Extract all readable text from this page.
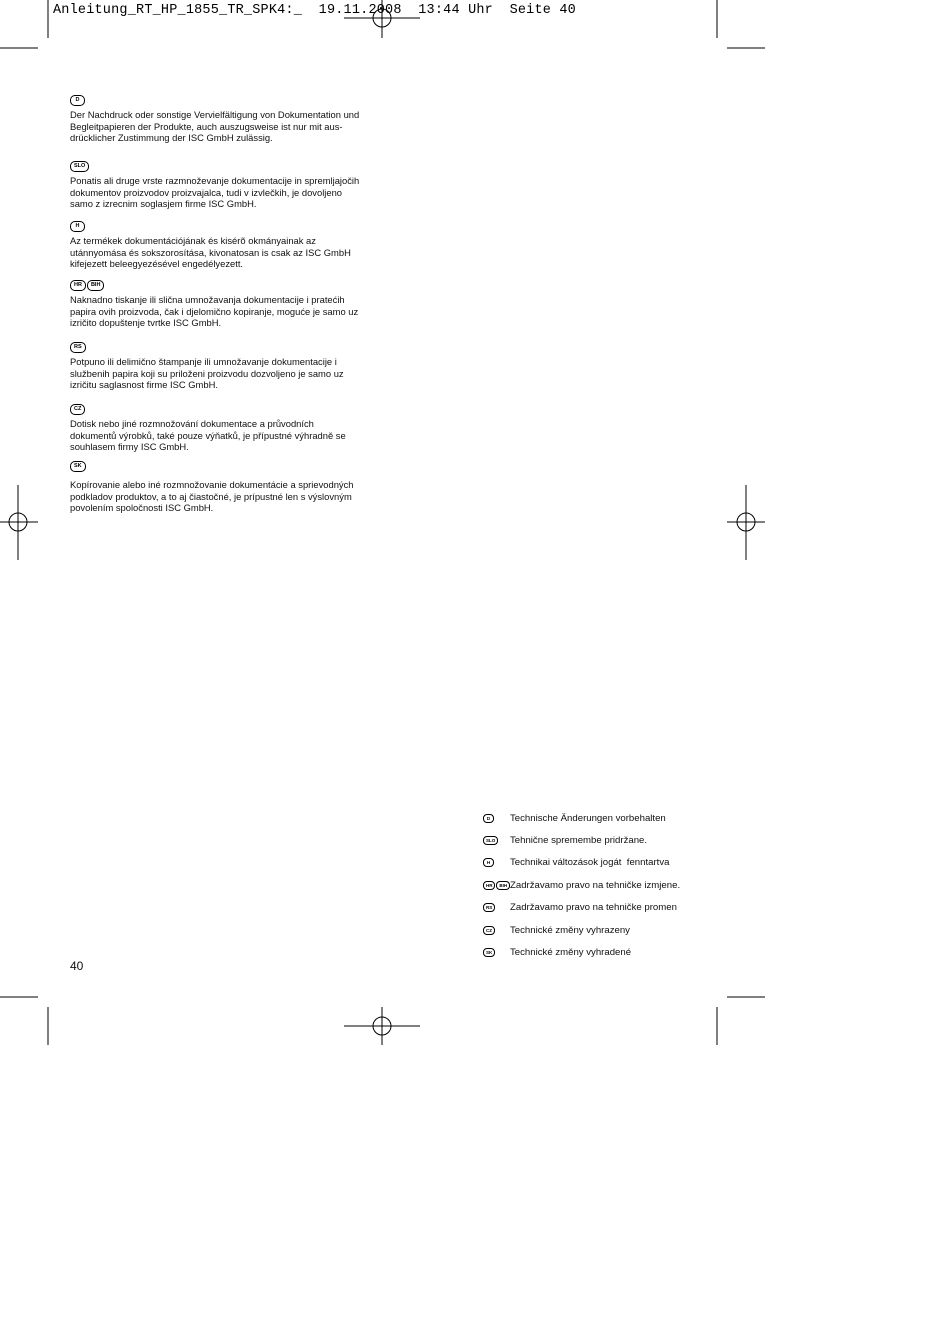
Anleitung_RT_HP_1855_TR_SPK4:_  19.11.2008  13:44 Uhr  Seite 40
D

Der Nachdruck oder sonstige Vervielfältigung von Dokumentation und
Begleitpapieren der Produkte, auch auszugsweise ist nur mit aus-
drücklicher Zustimmung der ISC GmbH zulässig.

SLO

Ponatis ali druge vrste razmnoževanje dokumentacije in spremljajočih
dokumentov proizvodov proizvajalca, tudi v izvlečkih, je dovoljeno
samo z izrecnim soglasjem firme ISC GmbH.

H

Az termékek dokumentációjának és kisérõ okmányainak az
utánnyomása és sokszorosítása, kivonatosan is csak az ISC GmbH
kifejezett beleegyezésével engedélyezett.

HR	BIH

Naknadno tiskanje ili slična umnožavanja dokumentacije i pratećih
papira ovih proizvoda, čak i djelomično kopiranje, moguće je samo uz
izričito dopuštenje tvrtke ISC GmbH.

RS

Potpuno ili delimično štampanje ili umnožavanje dokumentacije i
službenih papira koji su priloženi proizvodu dozvoljeno je samo uz
izričitu saglasnost firme ISC GmbH.

CZ

Dotisk nebo jiné rozmnožování dokumentace a průvodních
dokumentů výrobků, také pouze výňatků, je přípustné výhradně se
souhlasem firmy ISC GmbH.

SK

Kopírovanie alebo iné rozmnožovanie dokumentácie a sprievodných
podkladov produktov, a to aj čiastočné, je prípustné len s výslovným
povolením spoločnosti ISC GmbH.

D	Technische Änderungen vorbehalten
SLO	Tehnične spremembe pridržane.
H	Technikai változások jogát  fenntartva
HR	BIH Zadržavamo pravo na tehničke izmjene.
RS	Zadržavamo pravo na tehničke promen
CZ	Technické změny vyhrazeny
SK	Technické změny vyhradené
40
